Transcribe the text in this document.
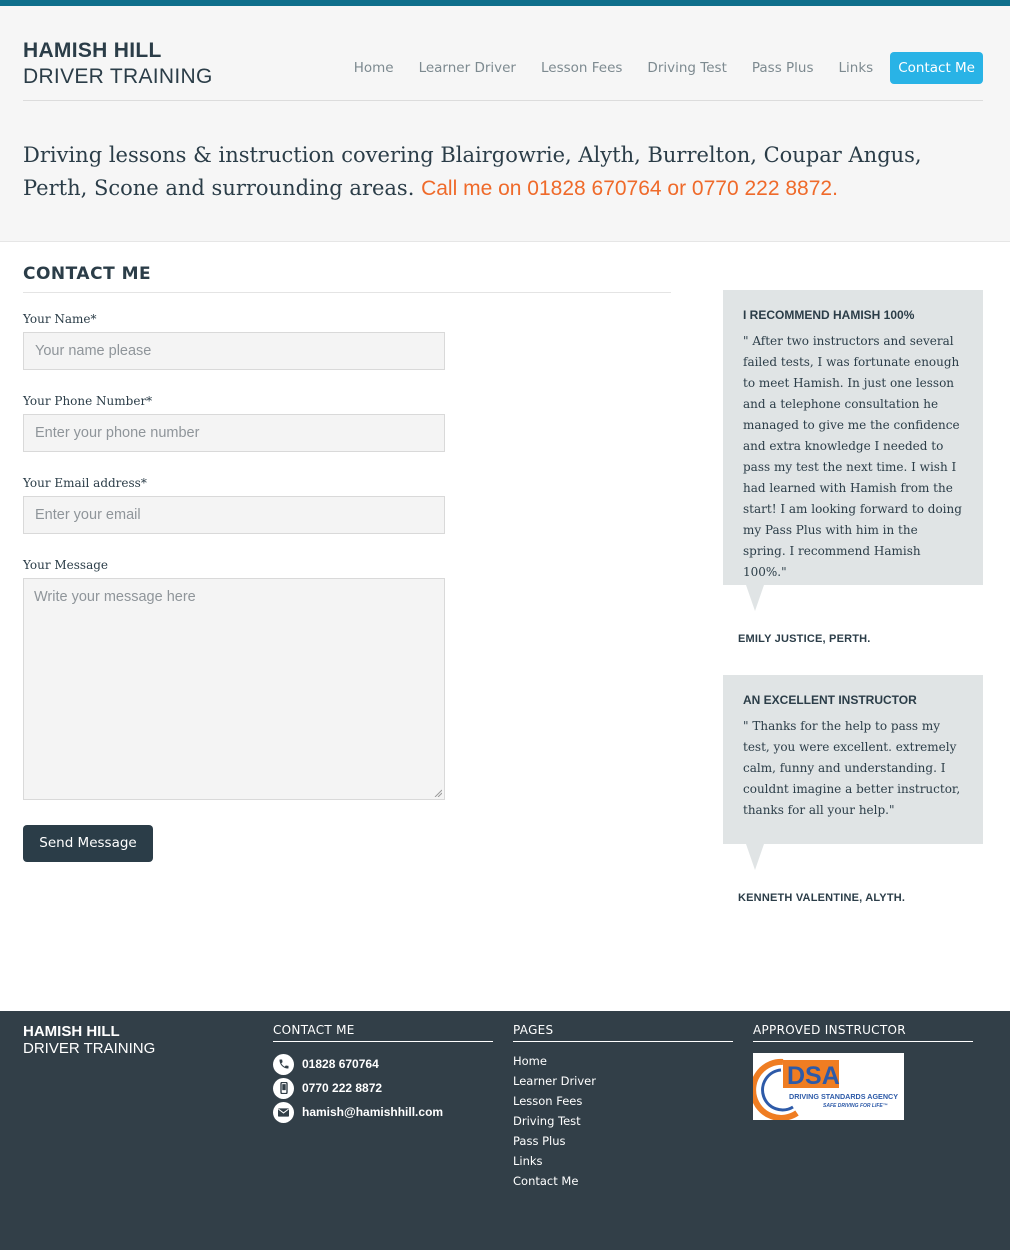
HAMISH HILL
DRIVER TRAINING	Home	Learner Driver	Lesson Fees	Driving Test	Pass Plus	Links	Contact Me
Driving lessons & instruction covering Blairgowrie, Alyth, Burrelton, Coupar Angus, Perth, Scone and surrounding areas. Call me on 01828 670764 or 0770 222 8872.
CONTACT ME
Your Name*
Your name please
Your Phone Number*
Enter your phone number
Your Email address*
Enter your email
Your Message
Write your message here
Send Message
I RECOMMEND HAMISH 100%
" After two instructors and several failed tests, I was fortunate enough to meet Hamish. In just one lesson and a telephone consultation he managed to give me the confidence and extra knowledge I needed to pass my test the next time. I wish I had learned with Hamish from the start! I am looking forward to doing my Pass Plus with him in the spring. I recommend Hamish 100%."
EMILY JUSTICE, PERTH.
AN EXCELLENT INSTRUCTOR
" Thanks for the help to pass my test, you were excellent. extremely calm, funny and understanding. I couldnt imagine a better instructor, thanks for all your help."
KENNETH VALENTINE, ALYTH.
HAMISH HILL
DRIVER TRAINING
CONTACT ME
01828 670764
0770 222 8872
hamish@hamishhill.com
PAGES
Home
Learner Driver
Lesson Fees
Driving Test
Pass Plus
Links
Contact Me
APPROVED INSTRUCTOR
DSA
DRIVING STANDARDS AGENCY
SAFE DRIVING FOR LIFE™
